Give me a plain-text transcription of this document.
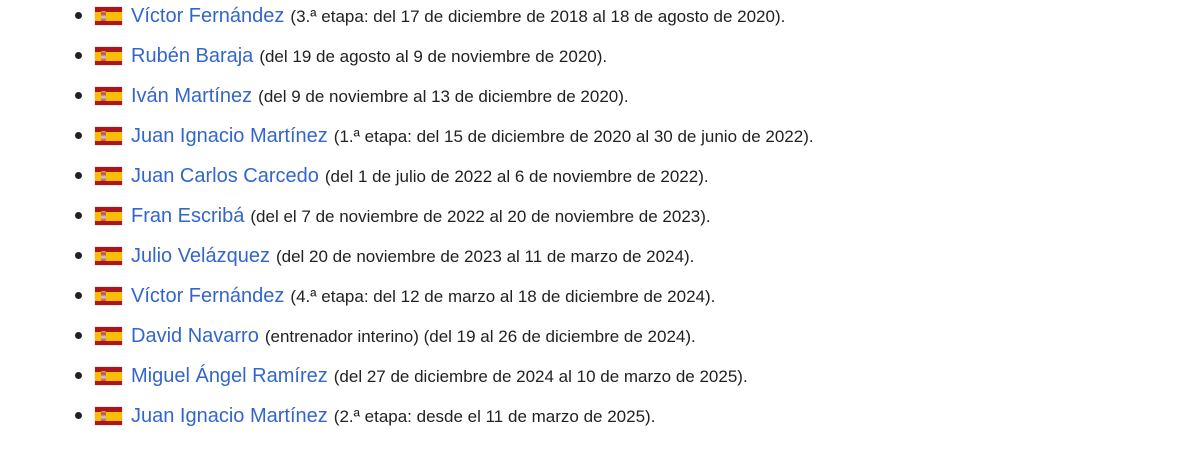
Víctor Fernández (3.ª etapa: del 17 de diciembre de 2018 al 18 de agosto de 2020).
Rubén Baraja (del 19 de agosto al 9 de noviembre de 2020).
Iván Martínez (del 9 de noviembre al 13 de diciembre de 2020).
Juan Ignacio Martínez (1.ª etapa: del 15 de diciembre de 2020 al 30 de junio de 2022).
Juan Carlos Carcedo (del 1 de julio de 2022 al 6 de noviembre de 2022).
Fran Escribá (del el 7 de noviembre de 2022 al 20 de noviembre de 2023).
Julio Velázquez (del 20 de noviembre de 2023 al 11 de marzo de 2024).
Víctor Fernández (4.ª etapa: del 12 de marzo al 18 de diciembre de 2024).
David Navarro (entrenador interino) (del 19 al 26 de diciembre de 2024).
Miguel Ángel Ramírez (del 27 de diciembre de 2024 al 10 de marzo de 2025).
Juan Ignacio Martínez (2.ª etapa: desde el 11 de marzo de 2025).
